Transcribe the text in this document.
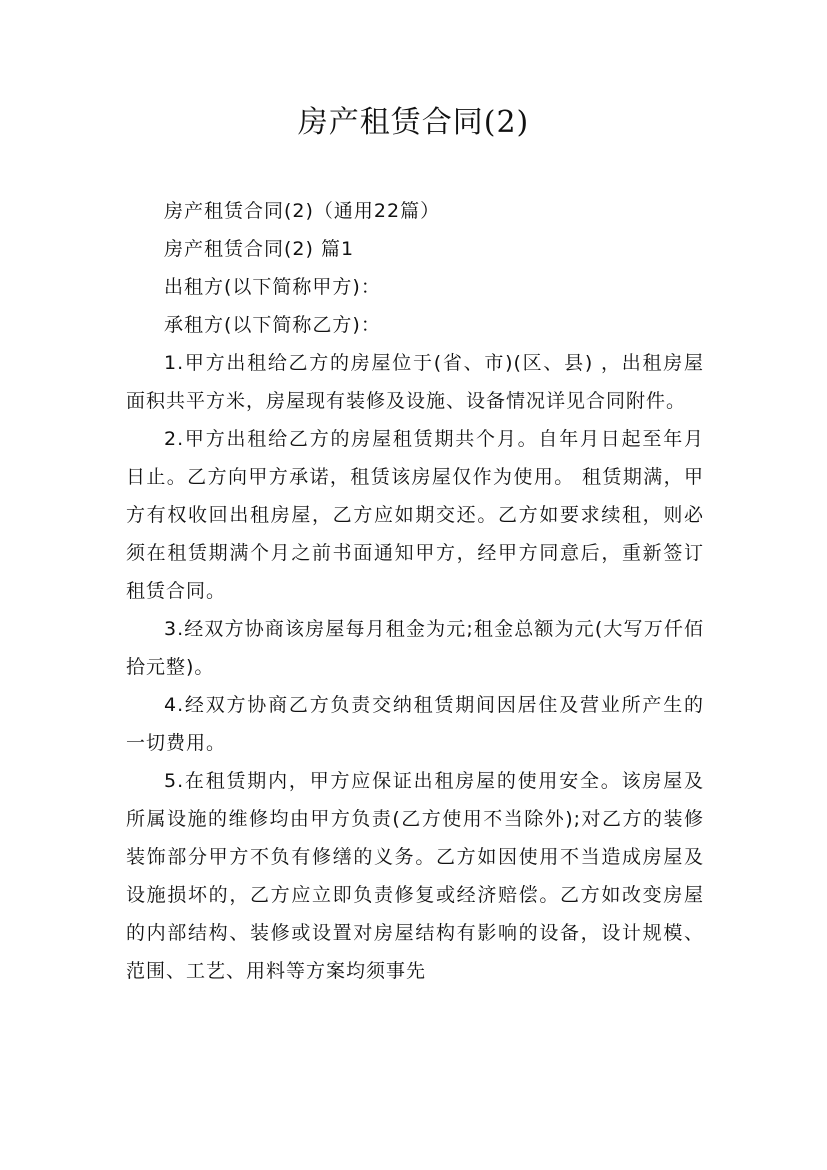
房产租赁合同(2)

房产租赁合同(2)（通用22篇）

房产租赁合同(2) 篇1

出租方(以下简称甲方)：

承租方(以下简称乙方)：

1.甲方出租给乙方的房屋位于(省、市)(区、县) ，出租房屋面积共平方米，房屋现有装修及设施、设备情况详见合同附件。

2.甲方出租给乙方的房屋租赁期共个月。自年月日起至年月日止。乙方向甲方承诺，租赁该房屋仅作为使用。 租赁期满，甲方有权收回出租房屋，乙方应如期交还。乙方如要求续租，则必须在租赁期满个月之前书面通知甲方，经甲方同意后，重新签订租赁合同。

3.经双方协商该房屋每月租金为元;租金总额为元(大写万仟佰拾元整)。

4.经双方协商乙方负责交纳租赁期间因居住及营业所产生的一切费用。

5.在租赁期内，甲方应保证出租房屋的使用安全。该房屋及所属设施的维修均由甲方负责(乙方使用不当除外);对乙方的装修装饰部分甲方不负有修缮的义务。乙方如因使用不当造成房屋及设施损坏的，乙方应立即负责修复或经济赔偿。乙方如改变房屋的内部结构、装修或设置对房屋结构有影响的设备，设计规模、范围、工艺、用料等方案均须事先
